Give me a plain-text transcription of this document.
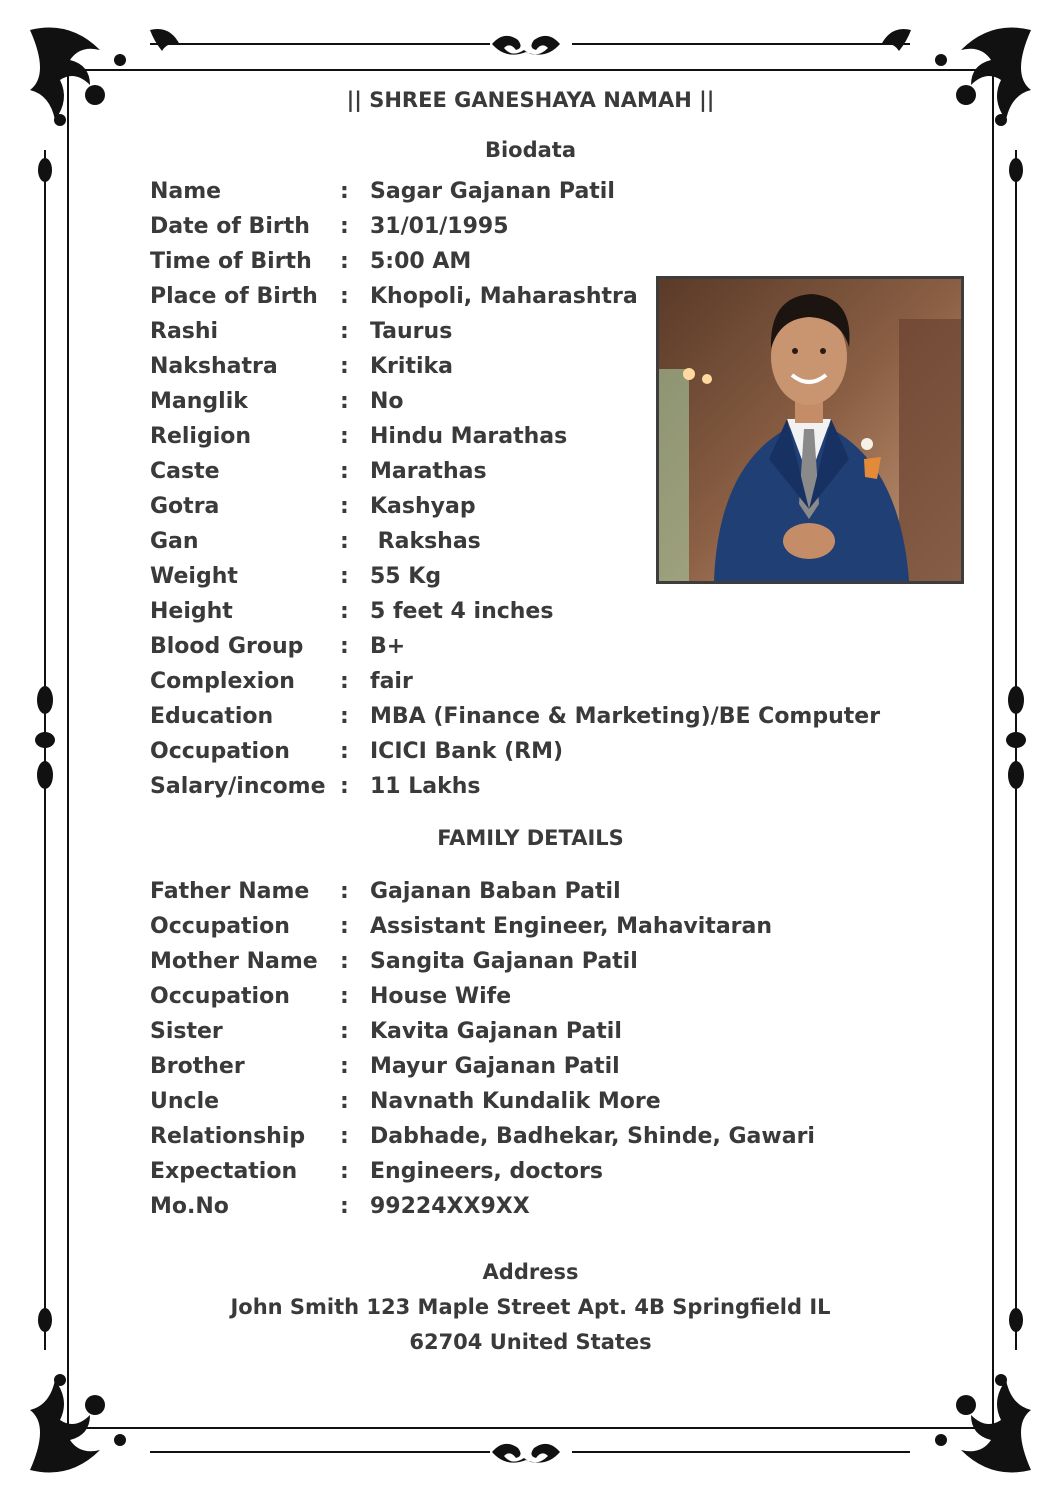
|| SHREE GANESHAYA NAMAH ||
Biodata
Name	: Sagar Gajanan Patil
Date of Birth : 31/01/1995
Time of Birth : 5:00 AM
Place of Birth : Khopoli, Maharashtra
Rashi	: Taurus
Nakshatra	: Kritika
Manglik	: No
Religion	: Hindu Marathas
Caste	: Marathas
Gotra	: Kashyap
Gan	: Rakshas
Weight	: 55 Kg
Height	: 5 feet 4 inches
Blood Group : B+
Complexion : fair
Education	: MBA (Finance & Marketing)/BE Computer
Occupation : ICICI Bank (RM)
Salary/income : 11 Lakhs
FAMILY DETAILS
Father Name : Gajanan Baban Patil
Occupation : Assistant Engineer, Mahavitaran
Mother Name : Sangita Gajanan Patil
Occupation : House Wife
Sister	: Kavita Gajanan Patil
Brother	: Mayur Gajanan Patil
Uncle	: Navnath Kundalik More
Relationship : Dabhade, Badhekar, Shinde, Gawari
Expectation : Engineers, doctors
Mo.No	: 99224XX9XX
Address
John Smith 123 Maple Street Apt. 4B Springfield IL
62704 United States
